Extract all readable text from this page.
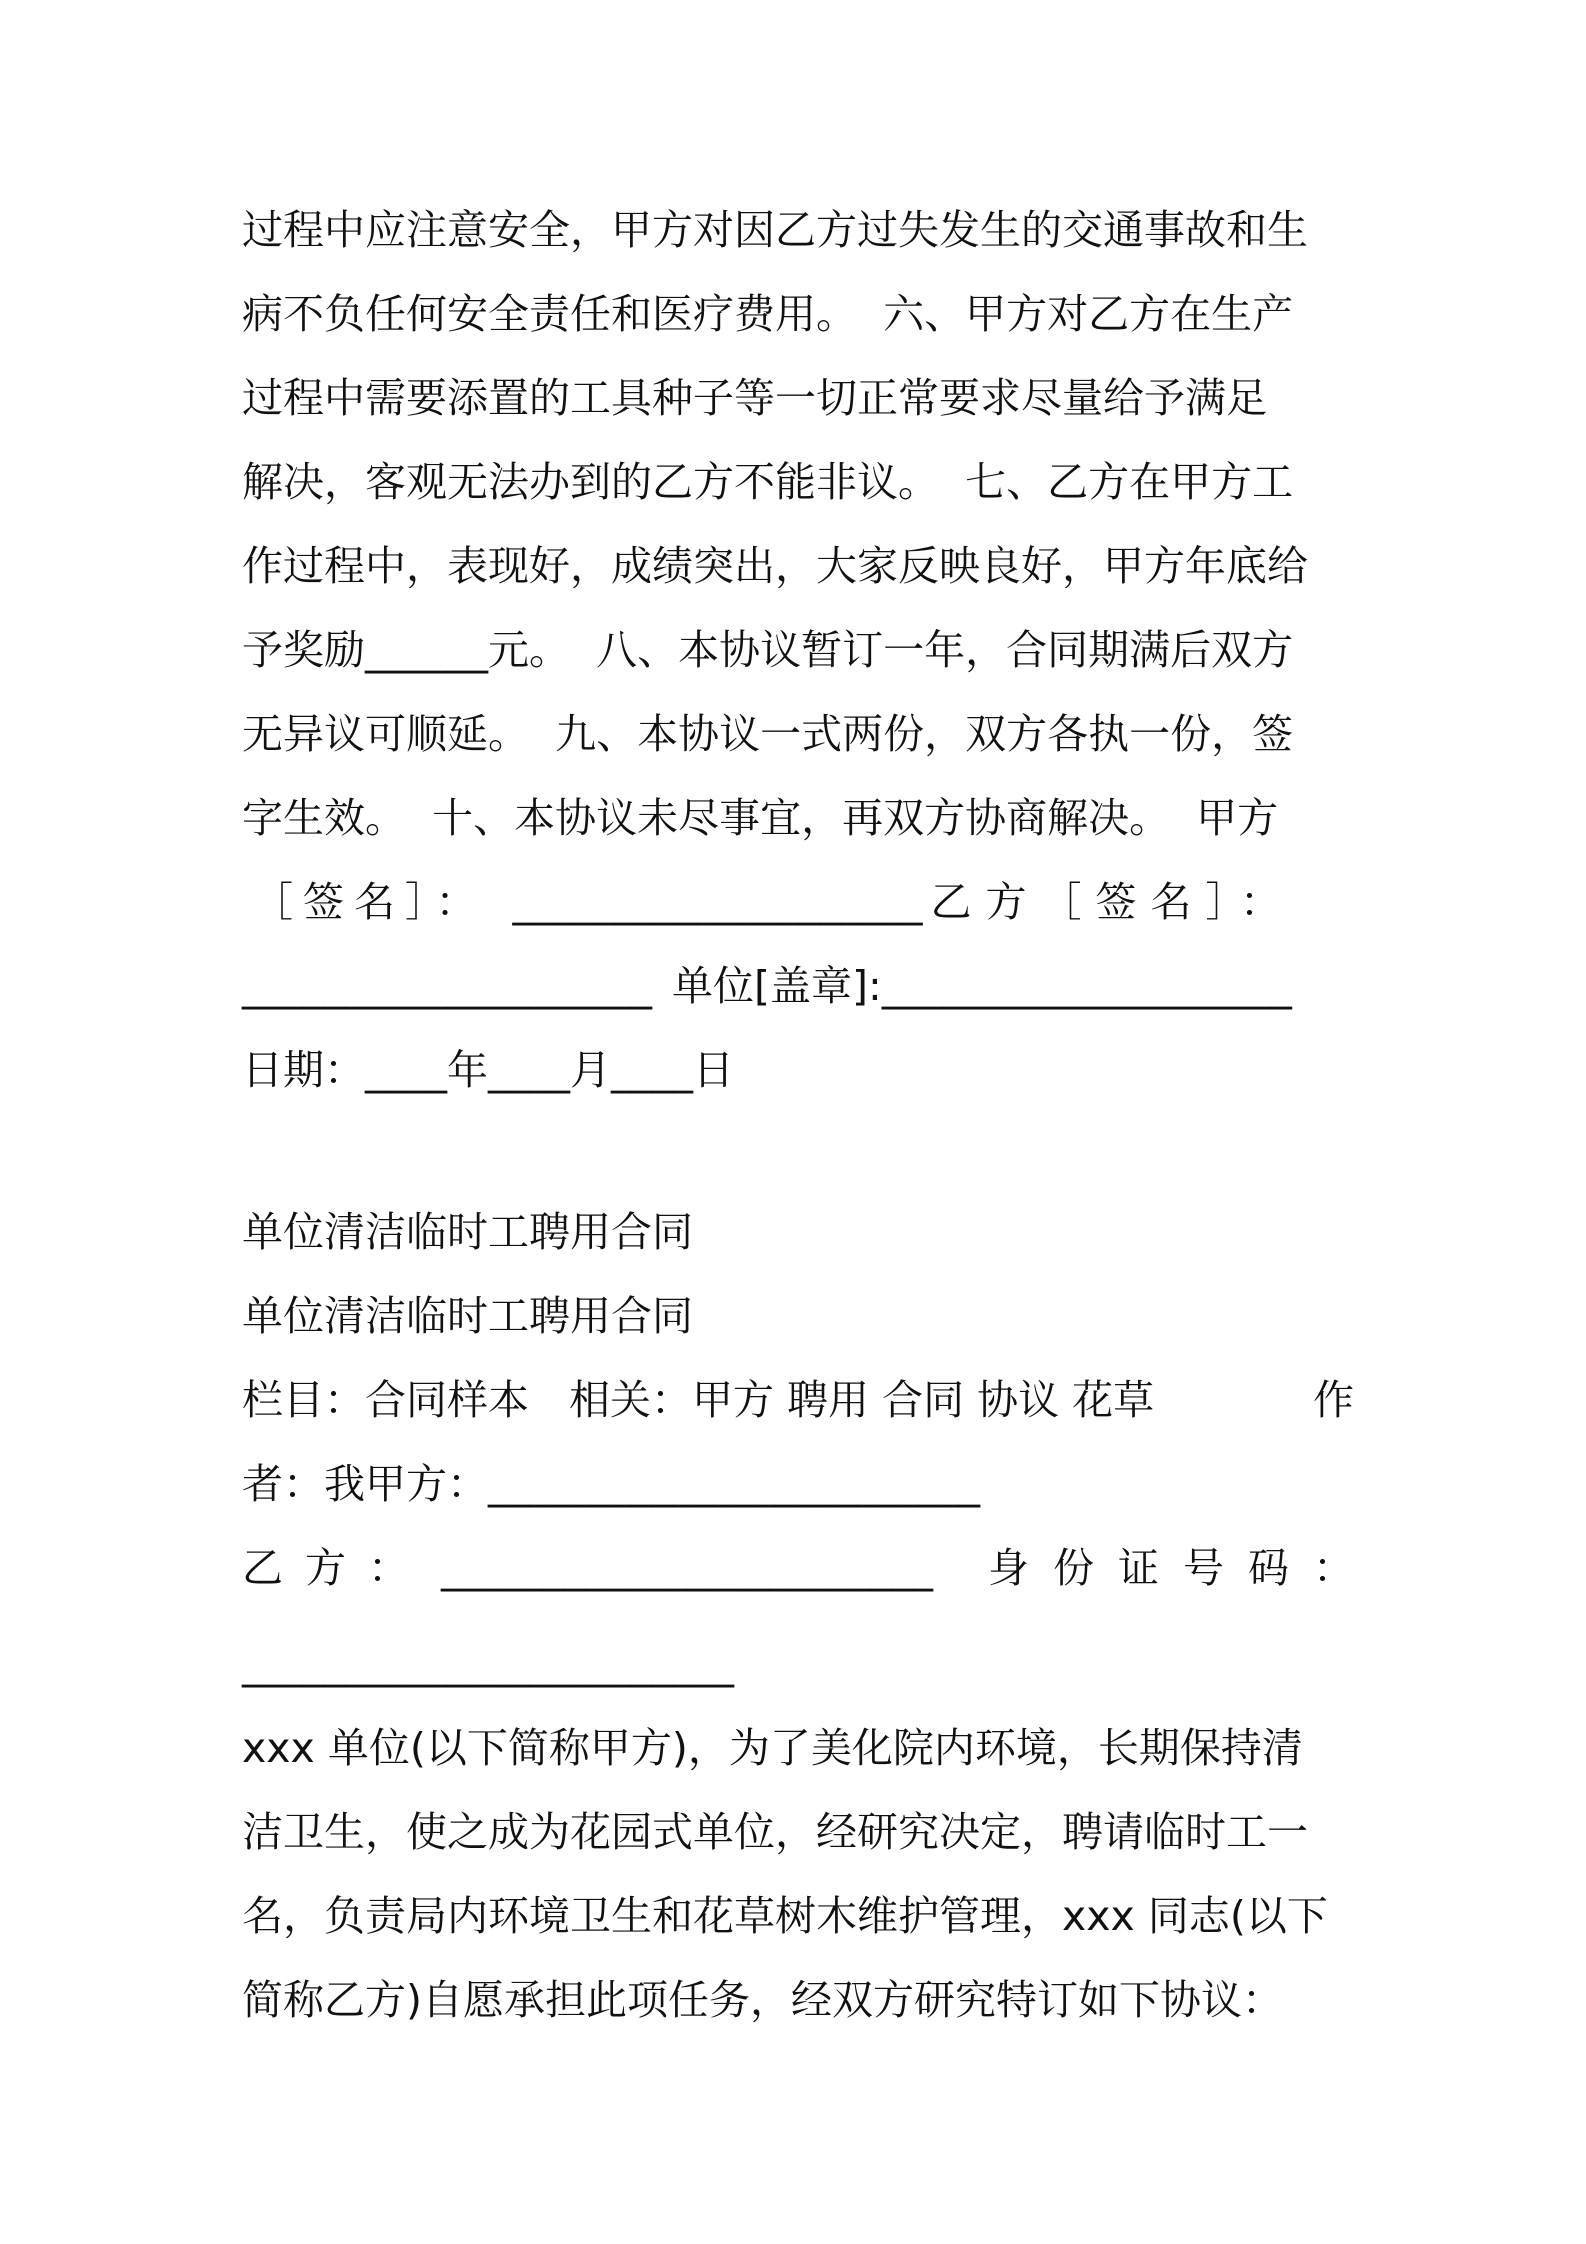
过程中应注意安全，甲方对因乙方过失发生的交通事故和生
病不负任何安全责任和医疗费用。  六、甲方对乙方在生产
过程中需要添置的工具种子等一切正常要求尽量给予满足
解决，客观无法办到的乙方不能非议。  七、乙方在甲方工
作过程中，表现好，成绩突出，大家反映良好，甲方年底给
予奖励______元。  八、本协议暂订一年，合同期满后双方
无异议可顺延。  九、本协议一式两份，双方各执一份，签
字生效。  十、本协议未尽事宜，再双方协商解决。  甲方
［签名］： ____________________ 乙方［签名］：
____________________ 单位[盖章]: ____________________
日期：____年____月____日
单位清洁临时工聘用合同
单位清洁临时工聘用合同
栏目：合同样本 相关：甲方 聘用 合同 协议 花草	作
者：我甲方：________________________
乙方： ________________________ 身份证号码：
________________________
xxx 单位(以下简称甲方)，为了美化院内环境，长期保持清
洁卫生，使之成为花园式单位，经研究决定，聘请临时工一
名，负责局内环境卫生和花草树木维护管理，xxx 同志(以下
简称乙方)自愿承担此项任务，经双方研究特订如下协议：
